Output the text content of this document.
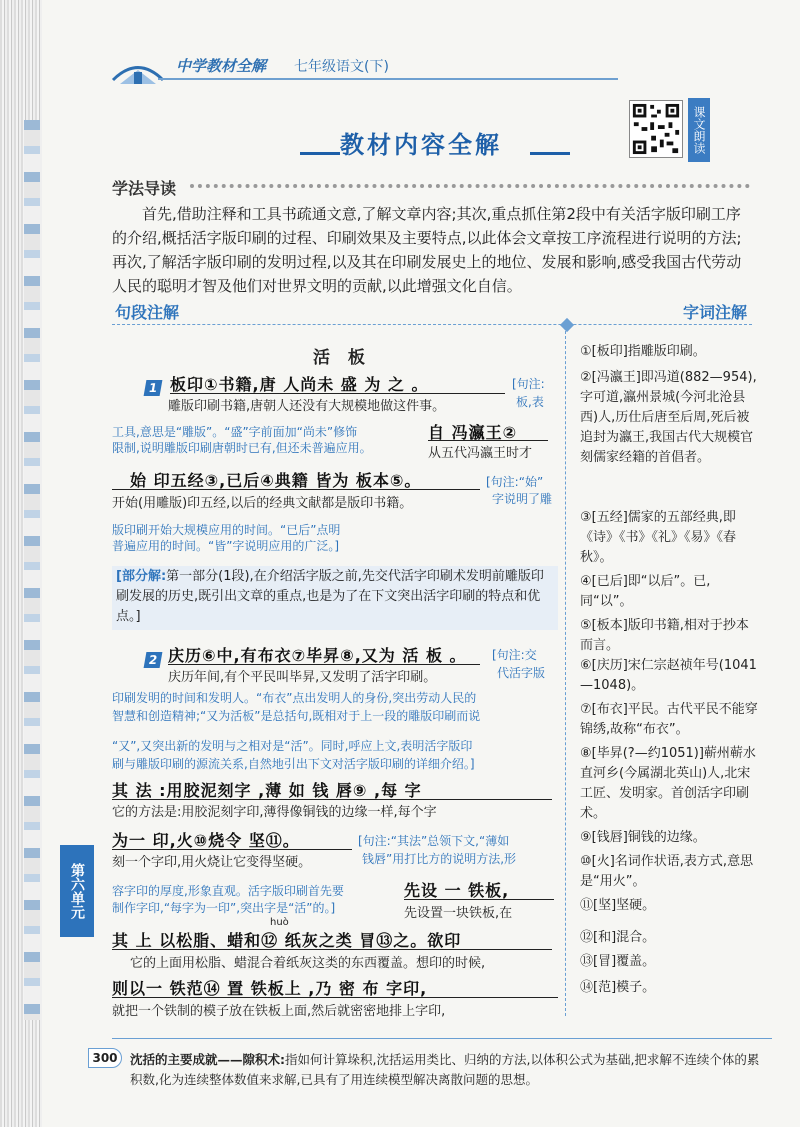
中学教材全解 七年级语文(下)
课文朗读
教材内容全解
学法导读

首先,借助注释和工具书疏通文意,了解文章内容;其次,重点抓住第2段中有关活字版印刷工序的介绍,概括活字版印刷的过程、印刷效果及主要特点,以此体会文章按工序流程进行说明的方法;再次,了解活字版印刷的发明过程,以及其在印刷发展史上的地位、发展和影响,感受我国古代劳动人民的聪明才智及他们对世界文明的贡献,以此增强文化自信。

句段注解	字词注解
活 板
1 板印①书籍,唐 人尚未 盛 为 之 。
雕版印刷书籍,唐朝人还没有大规模地做这件事。
[句注:
板,表
工具,意思是“雕版”。“盛”字前面加“尚未”修饰
限制,说明雕版印刷唐朝时已有,但还未普遍应用。
自 冯瀛王②
从五代冯瀛王时才
始 印五经③,已后④典籍 皆为 板本⑤。
开始(用雕版)印五经,以后的经典文献都是版印书籍。
[句注:“始”
字说明了雕
版印刷开始大规模应用的时间。“已后”点明
普遍应用的时间。“皆”字说明应用的广泛。]
[部分解:第一部分(1段),在介绍活字版之前,先交代活字印刷术发明前雕版印刷发展的历史,既引出文章的重点,也是为了在下文突出活字印刷的特点和优点。]
2 庆历⑥中,有布衣⑦毕昇⑧,又为 活 板 。
庆历年间,有个平民叫毕昇,又发明了活字印刷。
[句注:交
代活字版
印刷发明的时间和发明人。“布衣”点出发明人的身份,突出劳动人民的
智慧和创造精神;“又为活板”是总括句,既相对于上一段的雕版印刷而说
“又”,又突出新的发明与之相对是“活”。同时,呼应上文,表明活字版印
刷与雕版印刷的源流关系,自然地引出下文对活字版印刷的详细介绍。]
其 法 :用胶泥刻字 ,薄 如 钱 唇⑨ ,每 字
它的方法是:用胶泥刻字印,薄得像铜钱的边缘一样,每个字
为一 印,火⑩烧令 坚⑪。
刻一个字印,用火烧让它变得坚硬。
[句注:“其法”总领下文,“薄如
钱唇”用打比方的说明方法,形
容字印的厚度,形象直观。活字版印刷首先要
制作字印,“每字为一印”,突出字是“活”的。]
先设 一 铁板,
先设置一块铁板,在
huò
其 上 以松脂、蜡和⑫ 纸灰之类 冒⑬之。欲印
它的上面用松脂、蜡混合着纸灰这类的东西覆盖。想印的时候,
则以一 铁范⑭ 置 铁板上 ,乃 密 布 字印,
就把一个铁制的模子放在铁板上面,然后就密密地排上字印,
①[板印]指雕版印刷。
②[冯瀛王]即冯道(882—954),字可道,瀛州景城(今河北沧县西)人,历仕后唐至后周,死后被追封为瀛王,我国古代大规模官刻儒家经籍的首倡者。
③[五经]儒家的五部经典,即《诗》《书》《礼》《易》《春秋》。
④[已后]即“以后”。已,同“以”。
⑤[板本]版印书籍,相对于抄本而言。
⑥[庆历]宋仁宗赵祯年号(1041—1048)。
⑦[布衣]平民。古代平民不能穿锦绣,故称“布衣”。
⑧[毕昇(?—约1051)]蕲州蕲水直河乡(今属湖北英山)人,北宋工匠、发明家。首创活字印刷术。
⑨[钱唇]铜钱的边缘。
⑩[火]名词作状语,表方式,意思是“用火”。
⑪[坚]坚硬。
⑫[和]混合。
⑬[冒]覆盖。
⑭[范]模子。
第六单元
300 沈括的主要成就——隙积术:指如何计算垛积,沈括运用类比、归纳的方法,以体积公式为基础,把求解不连续个体的累积数,化为连续整体数值来求解,已具有了用连续模型解决离散问题的思想。
